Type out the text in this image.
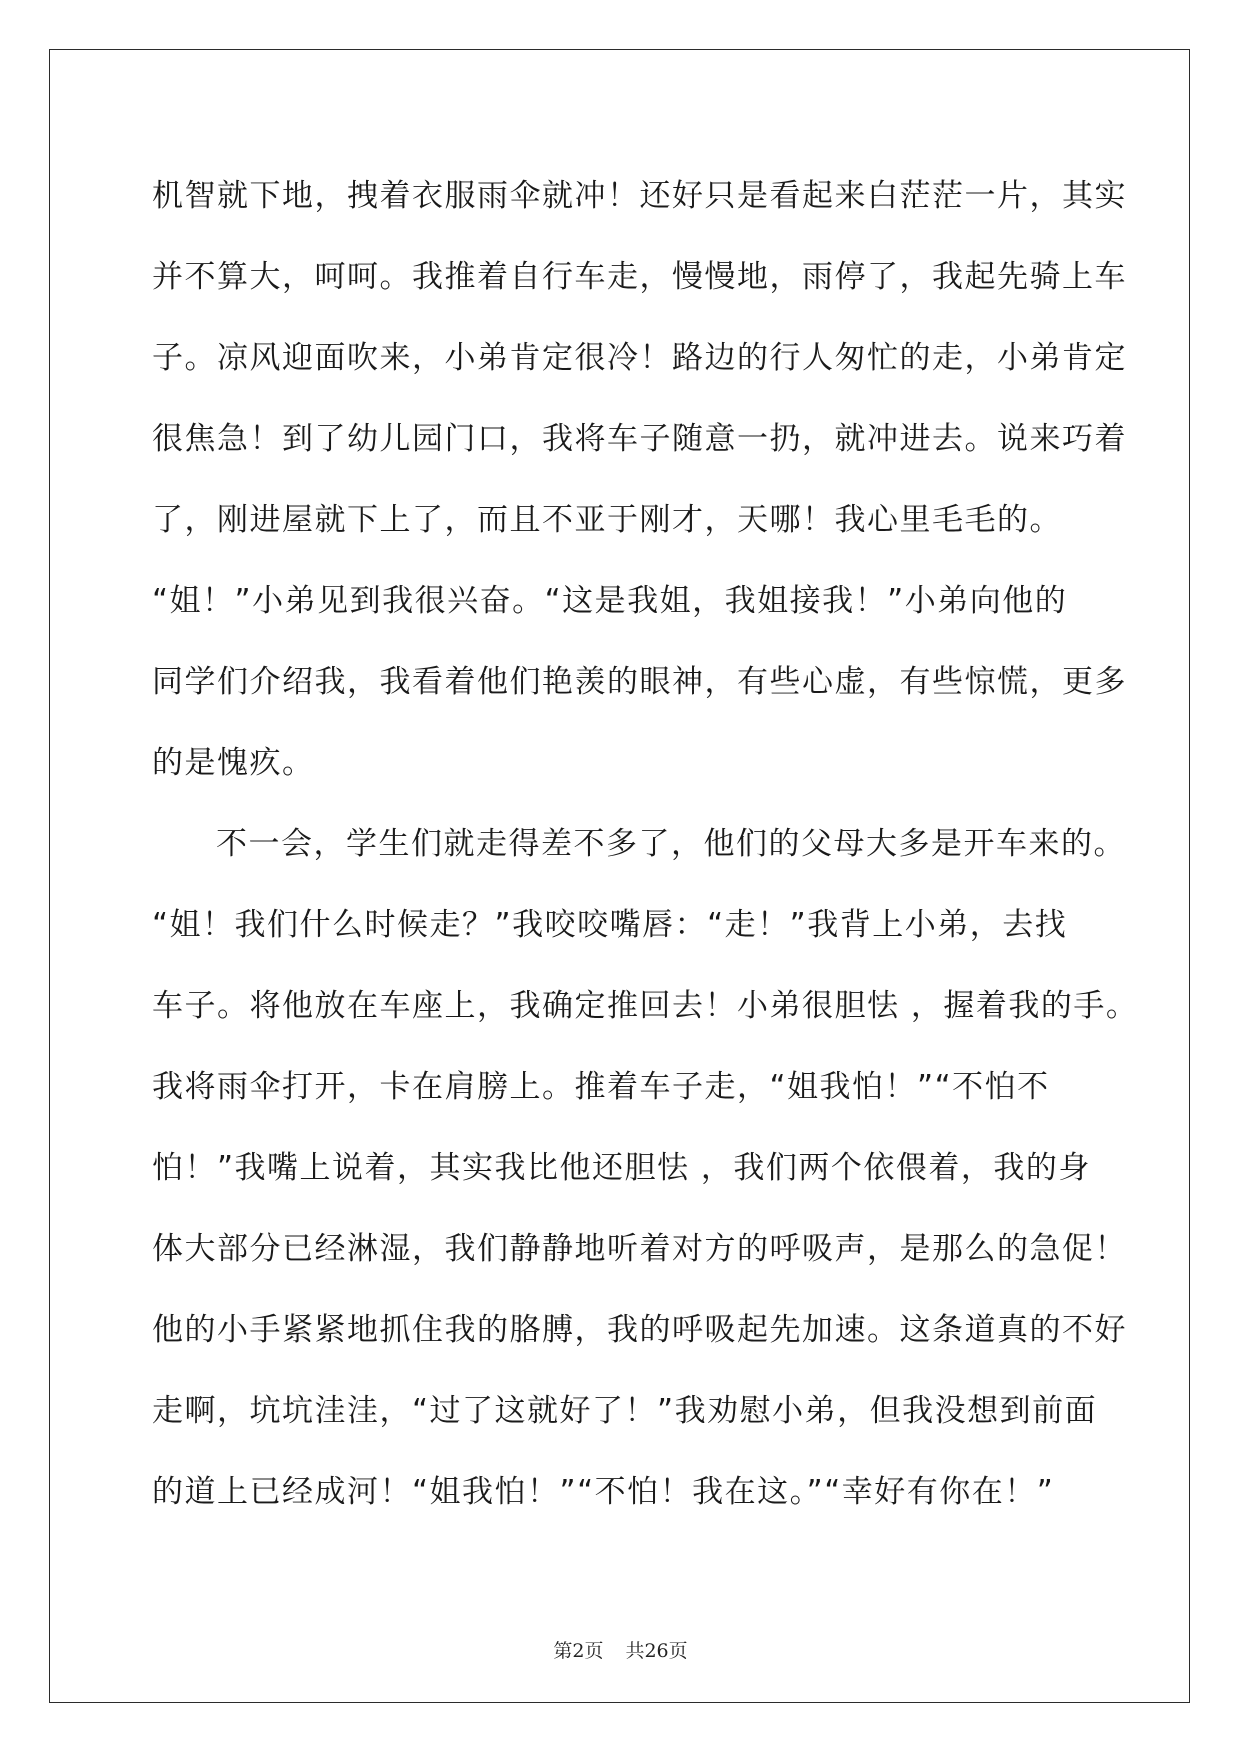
机智就下地，拽着衣服雨伞就冲！还好只是看起来白茫茫一片，其实
并不算大，呵呵。我推着自行车走，慢慢地，雨停了，我起先骑上车
子。凉风迎面吹来，小弟肯定很冷！路边的行人匆忙的走，小弟肯定
很焦急！到了幼儿园门口，我将车子随意一扔，就冲进去。说来巧着
了，刚进屋就下上了，而且不亚于刚才，天哪！我心里毛毛的。
“姐！”小弟见到我很兴奋。“这是我姐，我姐接我！”小弟向他的
同学们介绍我，我看着他们艳羡的眼神，有些心虚，有些惊慌，更多
的是愧疚。
不一会，学生们就走得差不多了，他们的父母大多是开车来的。
“姐！我们什么时候走？”我咬咬嘴唇：“走！”我背上小弟，去找
车子。将他放在车座上，我确定推回去！小弟很胆怯 ，握着我的手。
我将雨伞打开，卡在肩膀上。推着车子走，“姐我怕！”“不怕不
怕！”我嘴上说着，其实我比他还胆怯 ，我们两个依偎着，我的身
体大部分已经淋湿，我们静静地听着对方的呼吸声，是那么的急促！
他的小手紧紧地抓住我的胳膊，我的呼吸起先加速。这条道真的不好
走啊，坑坑洼洼，“过了这就好了！”我劝慰小弟，但我没想到前面
的道上已经成河！“姐我怕！”“不怕！我在这。”“幸好有你在！”
第2页 共26页
